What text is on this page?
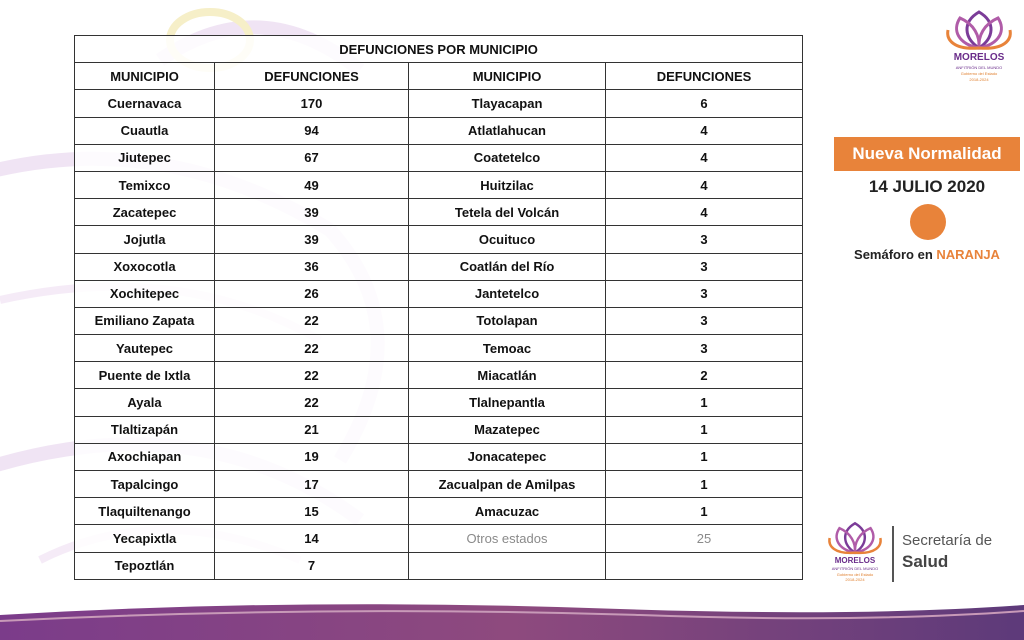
DEFUNCIONES POR MUNICIPIO			
MUNICIPIO	DEFUNCIONES	MUNICIPIO	DEFUNCIONES
Cuernavaca	170	Tlayacapan	6
Cuautla	94	Atlatlahucan	4
Jiutepec	67	Coatetelco	4
Temixco	49	Huitzilac	4
Zacatepec	39	Tetela del Volcán	4
Jojutla	39	Ocuituco	3
Xoxocotla	36	Coatlán del Río	3
Xochitepec	26	Jantetelco	3
Emiliano Zapata	22	Totolapan	3
Yautepec	22	Temoac	3
Puente de Ixtla	22	Miacatlán	2
Ayala	22	Tlalnepantla	1
Tlaltizapán	21	Mazatepec	1
Axochiapan	19	Jonacatepec	1
Tapalcingo	17	Zacualpan de Amilpas	1
Tlaquiltenango	15	Amacuzac	1
Yecapixtla	14	Otros estados	25
Tepoztlán	7		
MORELOS
ANFITRIÓN DEL MUNDO
Gobierno del Estado
2018-2024
Nueva Normalidad
14 JULIO 2020
Semáforo en NARANJA
MORELOS
ANFITRIÓN DEL MUNDO
Gobierno del Estado
2018-2024
Secretaría de
Salud
